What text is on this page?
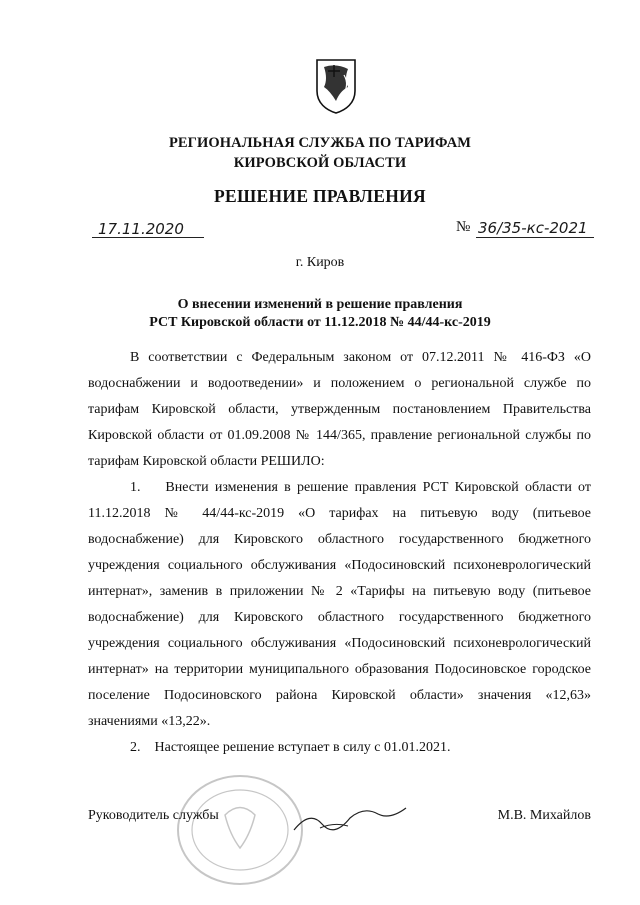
РЕГИОНАЛЬНАЯ СЛУЖБА ПО ТАРИФАМ
КИРОВСКОЙ ОБЛАСТИ
РЕШЕНИЕ ПРАВЛЕНИЯ
17.11.2020	№ 36/35-кс-2021
г. Киров
О внесении изменений в решение правления
РСТ Кировской области от 11.12.2018 № 44/44-кс-2019

В соответствии с Федеральным законом от 07.12.2011 № 416-ФЗ «О водоснабжении и водоотведении» и положением о региональной службе по тарифам Кировской области, утвержденным постановлением Правительства Кировской области от 01.09.2008 № 144/365, правление региональной службы по тарифам Кировской области РЕШИЛО:

1.    Внести изменения в решение правления РСТ Кировской области от 11.12.2018 № 44/44-кс-2019 «О тарифах на питьевую воду (питьевое водоснабжение) для Кировского областного государственного бюджетного учреждения социального обслуживания «Подосиновский психоневрологический интернат», заменив в приложении № 2 «Тарифы на питьевую воду (питьевое водоснабжение) для Кировского областного государственного бюджетного учреждения социального обслуживания «Подосиновский психоневрологический интернат» на территории муниципального образования Подосиновское городское поселение Подосиновского района Кировской области» значения «12,63» значениями «13,22».

2.    Настоящее решение вступает в силу с 01.01.2021.

Руководитель службы	М.В. Михайлов
